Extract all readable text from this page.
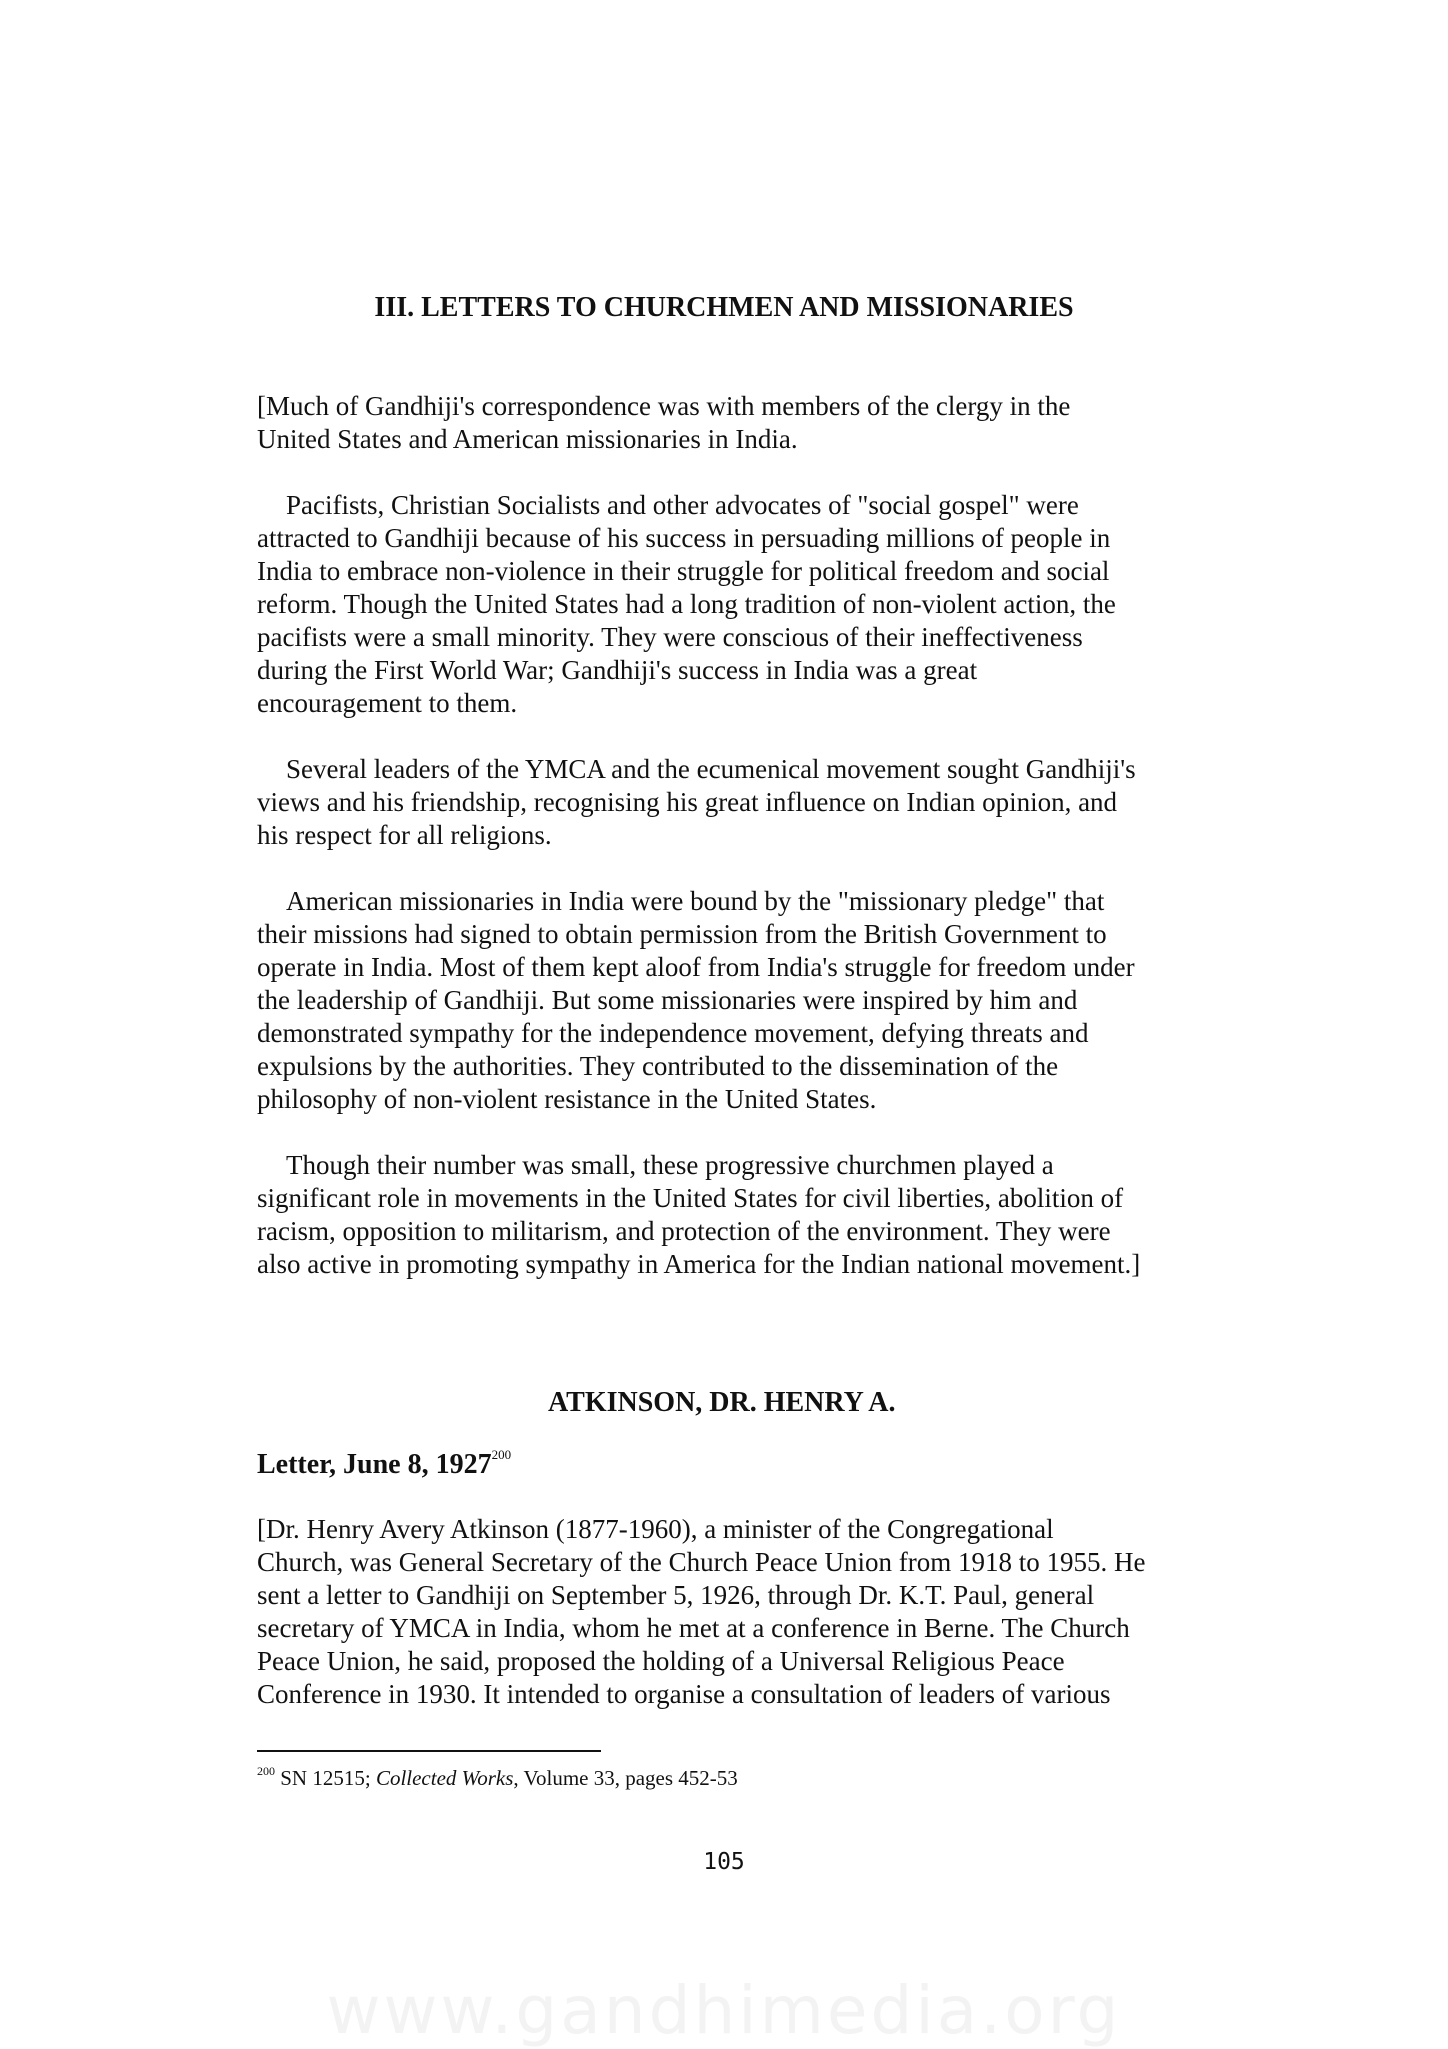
III. LETTERS TO CHURCHMEN AND MISSIONARIES

[Much of Gandhiji's correspondence was with members of the clergy in the
United States and American missionaries in India.

Pacifists, Christian Socialists and other advocates of "social gospel" were
attracted to Gandhiji because of his success in persuading millions of people in
India to embrace non-violence in their struggle for political freedom and social
reform. Though the United States had a long tradition of non-violent action, the
pacifists were a small minority. They were conscious of their ineffectiveness
during the First World War; Gandhiji's success in India was a great
encouragement to them.

Several leaders of the YMCA and the ecumenical movement sought Gandhiji's
views and his friendship, recognising his great influence on Indian opinion, and
his respect for all religions.

American missionaries in India were bound by the "missionary pledge" that
their missions had signed to obtain permission from the British Government to
operate in India. Most of them kept aloof from India's struggle for freedom under
the leadership of Gandhiji. But some missionaries were inspired by him and
demonstrated sympathy for the independence movement, defying threats and
expulsions by the authorities. They contributed to the dissemination of the
philosophy of non-violent resistance in the United States.

Though their number was small, these progressive churchmen played a
significant role in movements in the United States for civil liberties, abolition of
racism, opposition to militarism, and protection of the environment. They were
also active in promoting sympathy in America for the Indian national movement.]

ATKINSON, DR. HENRY A.
Letter, June 8, 1927$^{200}$

[Dr. Henry Avery Atkinson (1877-1960), a minister of the Congregational
Church, was General Secretary of the Church Peace Union from 1918 to 1955. He
sent a letter to Gandhiji on September 5, 1926, through Dr. K.T. Paul, general
secretary of YMCA in India, whom he met at a conference in Berne. The Church
Peace Union, he said, proposed the holding of a Universal Religious Peace
Conference in 1930. It intended to organise a consultation of leaders of various

$^{200}$ SN 12515; Collected Works, Volume 33, pages 452-53
105
www.gandhimedia.org
